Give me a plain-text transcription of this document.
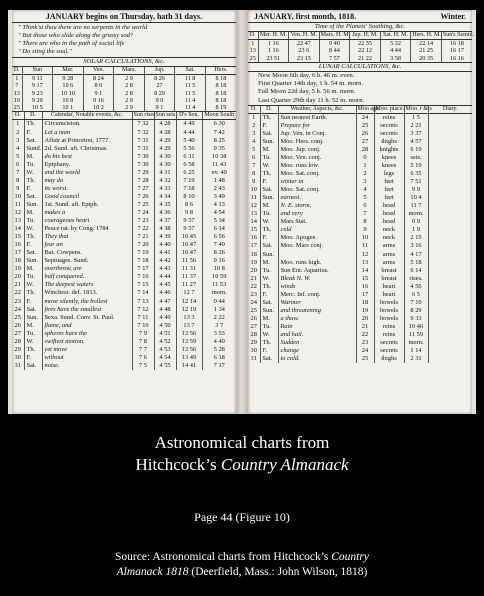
JANUARY begins on Thursday, hath 31 days.
" Think'st thou there are no serpents in the world
" But those who slide along the grassy sod?
" There are who in the path of social life
" Do sting the soul."
SOLAR CALCULATIONS, &c.
D.	Sun	Mer.	Ven.	Mars.	Jup.	Sat.	Hers.
1	9 11	9 28	8 24	2 9	8 26	11 8	8 18
7	9 17	10 6	8 0	2 8	27	11 5	8 18
13	9 23	10 10	9 1	2 8	8 29	11 5	8 18
19	9 29	10 8	9 16	2 9	9 0	11 4	8 18
25	10 5	10 1	10 2	2 9	9 1	11 4	8 19
D.	D.	Calendar, Notable events, &c.	Sun rises	Sun sets	D's Sou.	Moon South
1	Th.	Circumcision.	7 32	4 28	4 49	6 30
2	F.	Let a man	7 32	4 28	4 44	7 42
3	Sat.	Affair at Princeton, 1777.	7 31	4 29	5 40	8 25
4	Sund.	2d. Sund. aft. Christmas.	7 31	4 29	5 56	9 35
5	M.	do his best	7 30	4 30	6 31	10 38
6	Tu.	Epiphany.	7 30	4 30	6 58	11 43
7	W.	and the world	7 29	4 31	6 25	ev. 49
8	Th.	may do	7 28	4 32	7 19	1 48
9	F.	its worst.	7 27	4 33	7 18	2 43
10	Sat.	Good council	7 26	4 34	8 10	3 49
11	Sun.	1st. Sund. aft. Epiph.	7 25	4 35	8 6	4 13
12	M.	makes a	7 24	4 36	9 8	4 54
13	Tu.	courageous heart	7 23	4 37	9 57	5 34
14	W.	Peace rat. by Cong. 1784	7 22	4 38	9 57	6 14
15	Th.	They that	7 21	4 39	10 45	6 56
16	F.	fear an	7 20	4 40	10 47	7 40
17	Sat.	Bat. Cowpens.	7 19	4 41	10 47	8 26
18	Sun.	Septuages. Sund.	7 18	4 42	11 56	9 16
19	M.	overthrow, are	7 17	4 43	11 31	10 8
20	Tu.	half conquered.	7 16	4 44	11 37	10 59
21	W.	The deepest waters	7 15	4 45	11 27	11 53
22	Th.	Winchest. def. 1813.	7 14	4 46	12 7	morn.
23	F.	move silently, the hollest	7 13	4 47	12 14	0 44
24	Sat.	fires have the smallest	7 12	4 48	12 19	1 34
25	Sun.	Sexa. Sund. Conv. St. Paul.	7 11	4 49	13 3	2 22
26	M.	flame, and	7 10	4 50	13 7	3 7
27	Tu.	spheres have the	7 9	4 51	13 56	3 53
28	W.	swiftest motion.	7 8	4 52	13 59	4 40
29	Th.	yet move	7 7	4 53	13 56	5 28
30	F.	without	7 6	4 54	13 49	6 18
31	Sat.	noise.	7 5	4 55	14 41	7 17
JANUARY, first month, 1818.	Winter.
Time of the Planets' Southing, &c.
D.	Mer. H. M.	Ven. H. M.	Mars. H. M.	Jup. H. M.	Sat. H. M.	Hers. H. M.	Sun's Semid.
1	1 16	22 47	9 40	22 55	5 32	22 14	16 18
13	1 16	23 6	8 44	22 12	4 44	21 25	16 17
25	23 51	23 15	7 57	21 22	3 58	20 35	16 16
LUNAR CALCULATIONS, &c.
New Moon 6th day, 6 h. 46 m. even.
First Quarter 14th day, 1 h. 54 m. morn.
Full Moon 22d day, 5 h. 56 m. morn.
Last Quarter 29th day 11 h. 52 m. morn.
D.	D.	Weather, Aspects, &c.	Moo age.	Moo. place.	Moo. r & s	Diary.
1	Th.	Sun nearest Earth.	24	reins	1 5	
2	F.	Prepare for	25	secrets	2 21	
3	Sat.	Jup. Ven. in Conj.	26	secrets	3 37	
4	Sun.	Moo. Hers. conj.	27	thighs	4 57	
5	M.	Moo. Jup. conj.	28	knights	6 19	
6	Tu.	Moo. Ven. conj.	0	knees	sets.	
7	W.	Moo. runs low.	1	knees	5 19	
8	Th.	Moo. Sat. conj.	2	legs	6 35	
9	F.	winter in	3	feet	7 51	
10	Sat.	Moo. Sat. conj.	4	feet	9 9	
11	Sun.	earnest.	5	feet	10 4	
12	M.	N. E. storm,	6	head	11 7	
13	Tu.	and very	7	head	morn.	
14	W.	Mars Stat.	8	head	0 9	
15	Th.	cold	9	neck	1 9	
16	F.	Moo. Apogee.	10	neck	2 15	
17	Sat.	Moo. Mars conj.	11	arms	3 16	
18	Sun.		12	arms	4 17	
19	M.	Moo. runs high.	13	arms	5 18	
20	Tu.	Sun Ent. Aquarius.	14	breast	6 14	
21	W.	Bleak N. W.	15	breast	rises.	
22	Th.	winds	16	heart	4 56	
23	F.	Merc. Inf. conj.	17	heart	6 5	
24	Sat.	Warmer	18	bowels	7 10	
25	Sun.	and threatening	19	bowels	8 29	
26	M.	a thaw.	20	bowels	9 33	
27	Tu.	Rain	21	reins	10 46	
28	W.	and hail.	22	reins	11 59	
29	Th.	Sudden	23	secrets	morn.	
30	F.	change	24	secrets	1 14	
31	Sat.	to cold.	25	thighs	2 31	
Astronomical charts from
Hitchcock’s Country Almanack
Page 44 (Figure 10)
Source: Astronomical charts from Hitchcock’s Country
Almanack 1818 (Deerfield, Mass.: John Wilson, 1818)
